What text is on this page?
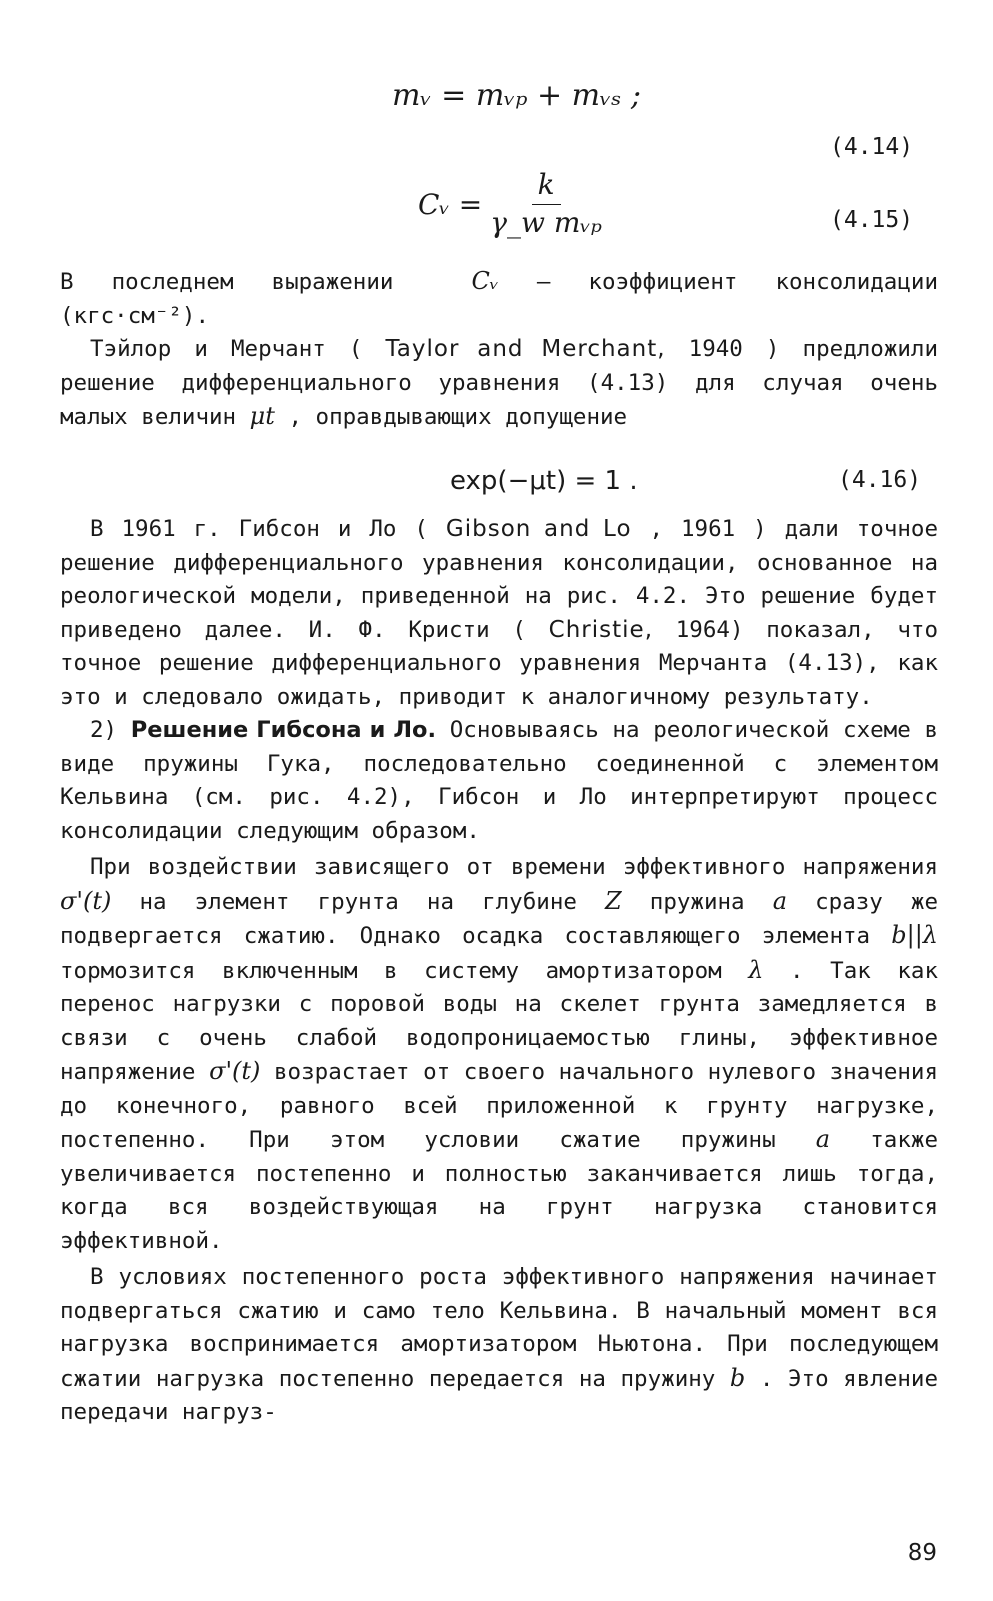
mᵥ = mᵥₚ + mᵥₛ ;
(4.14)
Cᵥ = $\frac{k}{\text{γ\_w mᵥₚ}}$	(4.15)

В последнем выражении	Cᵥ – коэффициент консолидации (кгс·см⁻²).

Тэйлор и Мерчант ( Taylor and Merchant, 1940 ) предложили решение дифференциального уравнения (4.13) для случая очень малых величин μt , оправдывающих допущение

exp(−μt) = 1 .	(4.16)

В 1961 г. Гибсон и Ло ( Gibson and Lo , 1961 ) дали точное решение дифференциального уравнения консолидации, основанное на реологической модели, приведенной на рис. 4.2. Это решение будет приведено далее. И. Ф. Кристи ( Christie, 1964) показал, что точное решение дифференциального уравнения Мерчанта (4.13), как это и следовало ожидать, приводит к аналогичному результату.

2) Решение Гибсона и Ло. Основываясь на реологической схеме в виде пружины Гука, последовательно соединенной с элементом Кельвина (см. рис. 4.2), Гибсон и Ло интерпретируют процесс консолидации следующим образом.

При воздействии зависящего от времени эффективного напряжения σ'(t) на элемент грунта на глубине Z пружина a сразу же подвергается сжатию. Однако осадка составляющего элемента b||λ тормозится включенным в систему амортизатором λ . Так как перенос нагрузки с поровой воды на скелет грунта замедляется в связи с очень слабой водопроницаемостью глины, эффективное напряжение σ'(t) возрастает от своего начального нулевого значения до конечного, равного всей приложенной к грунту нагрузке, постепенно. При этом условии сжатие пружины a также увеличивается постепенно и полностью заканчивается лишь тогда, когда вся воздействующая на грунт нагрузка становится эффективной.

В условиях постепенного роста эффективного напряжения начинает подвергаться сжатию и само тело Кельвина. В начальный момент вся нагрузка воспринимается амортизатором Ньютона. При последующем сжатии нагрузка постепенно передается на пружину b . Это явление передачи нагруз-

89
